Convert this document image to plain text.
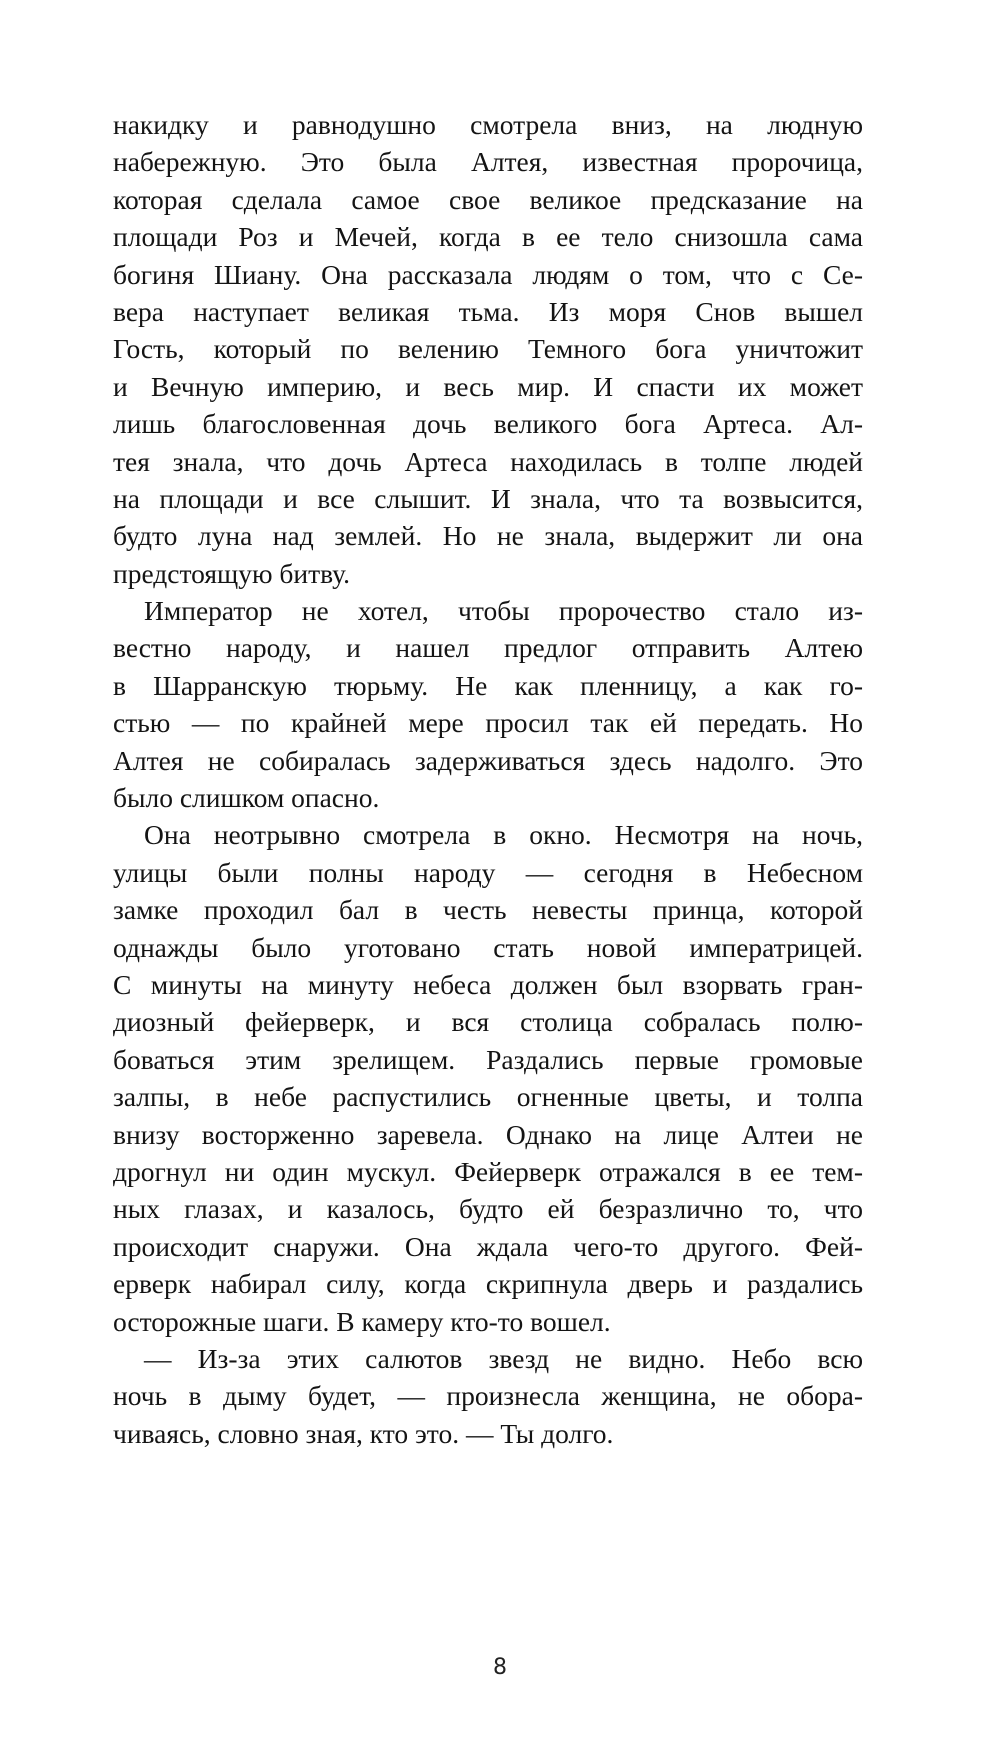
накидку и равнодушно смотрела вниз, на людную
набережную. Это была Алтея, известная пророчица,
которая сделала самое свое великое предсказание на
площади Роз и Мечей, когда в ее тело снизошла сама
богиня Шиану. Она рассказала людям о том, что с Се-
вера наступает великая тьма. Из моря Снов вышел
Гость, который по велению Темного бога уничтожит
и Вечную империю, и весь мир. И спасти их может
лишь благословенная дочь великого бога Артеса. Ал-
тея знала, что дочь Артеса находилась в толпе людей
на площади и все слышит. И знала, что та возвысится,
будто луна над землей. Но не знала, выдержит ли она
предстоящую битву.
Император не хотел, чтобы пророчество стало из-
вестно народу, и нашел предлог отправить Алтею
в Шарранскую тюрьму. Не как пленницу, а как го-
стью — по крайней мере просил так ей передать. Но
Алтея не собиралась задерживаться здесь надолго. Это
было слишком опасно.
Она неотрывно смотрела в окно. Несмотря на ночь,
улицы были полны народу — сегодня в Небесном
замке проходил бал в честь невесты принца, которой
однажды было уготовано стать новой императрицей.
С минуты на минуту небеса должен был взорвать гран-
диозный фейерверк, и вся столица собралась полю-
боваться этим зрелищем. Раздались первые громовые
залпы, в небе распустились огненные цветы, и толпа
внизу восторженно заревела. Однако на лице Алтеи не
дрогнул ни один мускул. Фейерверк отражался в ее тем-
ных глазах, и казалось, будто ей безразлично то, что
происходит снаружи. Она ждала чего-то другого. Фей-
ерверк набирал силу, когда скрипнула дверь и раздались
осторожные шаги. В камеру кто-то вошел.
— Из-за этих салютов звезд не видно. Небо всю
ночь в дыму будет, — произнесла женщина, не обора-
чиваясь, словно зная, кто это. — Ты долго.
8
